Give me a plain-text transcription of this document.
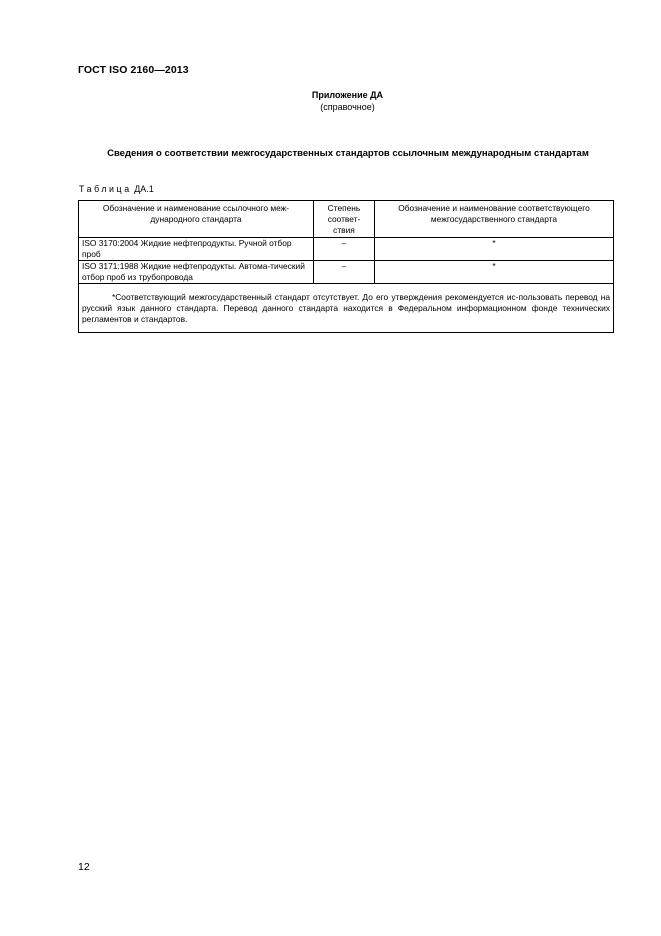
ГОСТ ISO 2160—2013
Приложение ДА
(справочное)
Сведения о соответствии межгосударственных стандартов ссылочным международным стандартам
Таблица ДА.1
Обозначение и наименование ссылочного меж-дународного стандарта	Степень соответ-ствия	Обозначение и наименование соответствующего межгосударственного стандарта
ISO 3170:2004 Жидкие нефтепродукты. Ручной отбор проб	–	*
ISO 3171:1988 Жидкие нефтепродукты. Автома-тический отбор проб из трубопровода	–	*

*Соответствующий межгосударственный стандарт отсутствует. До его утверждения рекомендуется ис-пользовать перевод на русский язык данного стандарта. Перевод данного стандарта находится в Федеральном информационном фонде технических регламентов и стандартов.		
12
